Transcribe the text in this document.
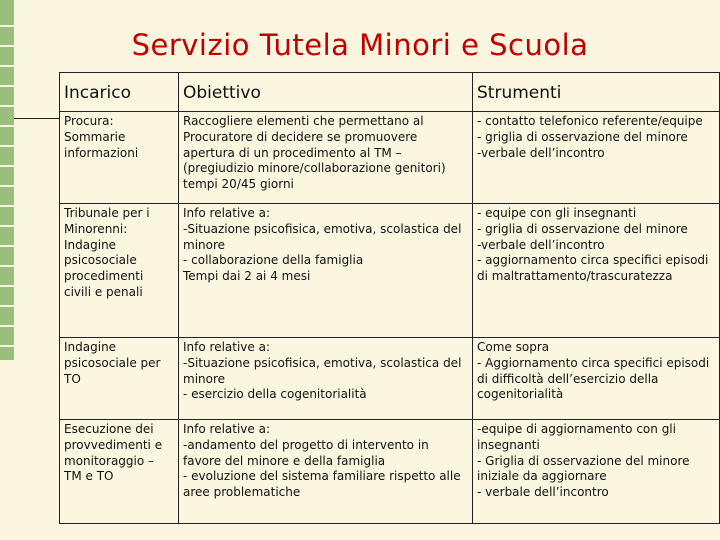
Servizio Tutela Minori e Scuola
Incarico	Obiettivo	Strumenti

Procura:
Sommarie
informazioni	Raccogliere elementi che permettano al Procuratore di decidere se promuovere apertura di un procedimento al TM – (pregiudizio minore/collaborazione genitori) tempi 20/45 giorni	- contatto telefonico referente/equipe
- griglia di osservazione del minore
-verbale dell’incontro

Tribunale per i Minorenni:
Indagine psicosociale procedimenti civili e penali	Info relative a:
-Situazione psicofisica, emotiva, scolastica del minore
- collaborazione della famiglia
Tempi dai 2 ai 4 mesi	- equipe con gli insegnanti
- griglia di osservazione del minore
-verbale dell’incontro
- aggiornamento circa specifici episodi di maltrattamento/trascuratezza

Indagine psicosociale per TO	Info relative a:
-Situazione psicofisica, emotiva, scolastica del minore
- esercizio della cogenitorialità	Come sopra
- Aggiornamento circa specifici episodi di difficoltà dell’esercizio della cogenitorialità

Esecuzione dei provvedimenti e monitoraggio – TM e TO	Info relative a:
-andamento del progetto di intervento in favore del minore e della famiglia
- evoluzione del sistema familiare rispetto alle aree problematiche	-equipe di aggiornamento con gli insegnanti
- Griglia di osservazione del minore iniziale da aggiornare
- verbale dell’incontro
